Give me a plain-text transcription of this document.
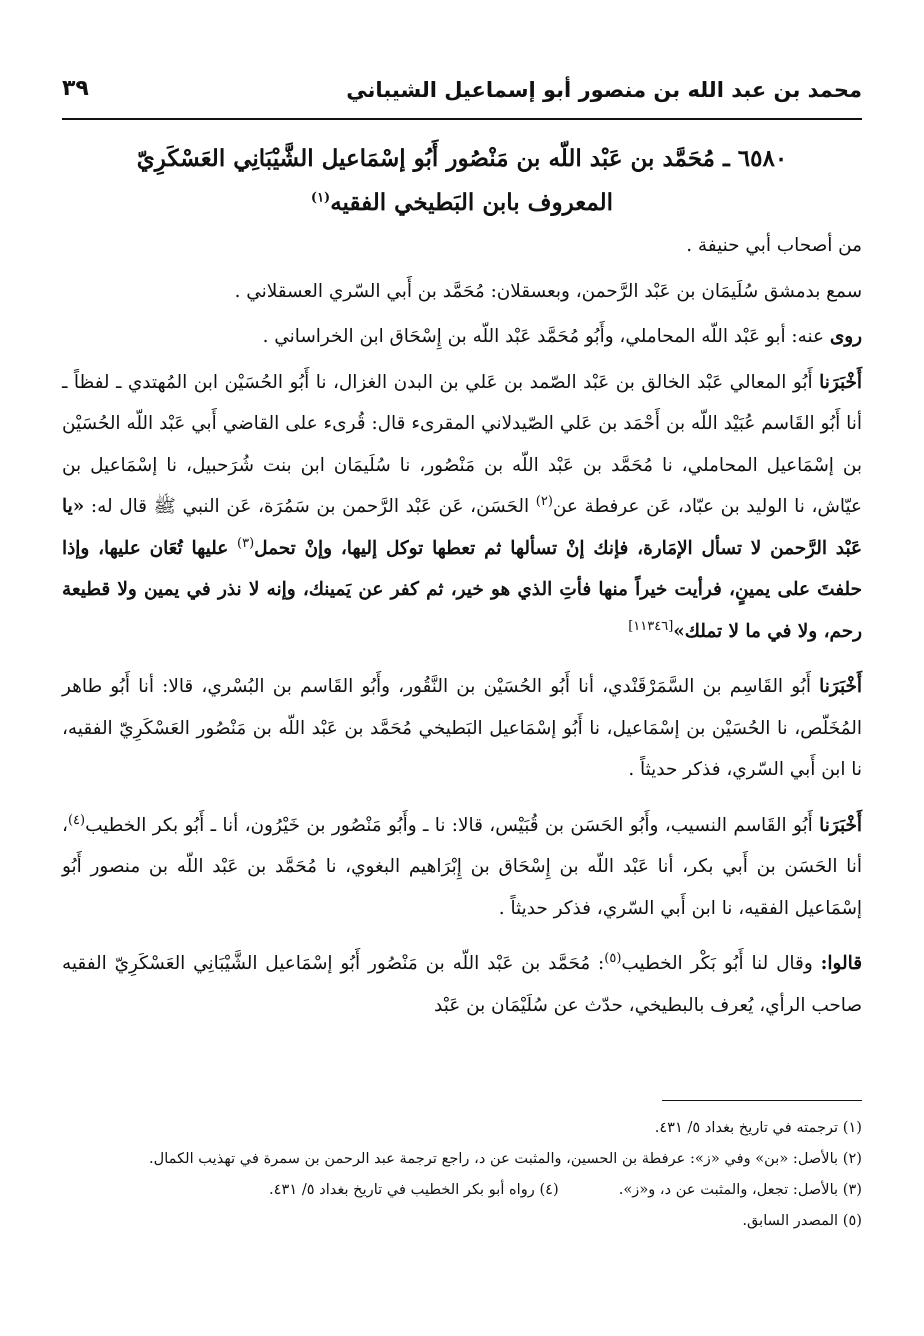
محمد بن عبد الله بن منصور أبو إسماعيل الشيباني
٣٩
٦٥٨٠ ـ مُحَمَّد بن عَبْد اللّه بن مَنْصُور أَبُو إسْمَاعيل الشَّيْبَانِي العَسْكَرِيّ
المعروف بابن البَطيخي الفقيه$^{(١)}$

من أصحاب أبي حنيفة .

سمع بدمشق سُلَيمَان بن عَبْد الرَّحمن، وبعسقلان: مُحَمَّد بن أَبي السّري العسقلاني .

روى عنه: أبو عَبْد اللّه المحاملي، وأَبُو مُحَمَّد عَبْد اللّه بن إِسْحَاق ابن الخراساني .

أَخْبَرَنا أَبُو المعالي عَبْد الخالق بن عَبْد الصّمد بن عَلي بن البدن الغزال، نا أَبُو الحُسَيْن ابن المُهتدي ـ لفظاً ـ أنا أَبُو القَاسم عُبَيْد اللّه بن أَحْمَد بن عَلي الصّيدلاني المقرىء قال: قُرىء على القاضي أَبي عَبْد اللّه الحُسَيْن بن إسْمَاعيل المحاملي، نا مُحَمَّد بن عَبْد اللّه بن مَنْصُور، نا سُلَيمَان ابن بنت شُرَحبيل، نا إسْمَاعيل بن عيّاش، نا الوليد بن عبّاد، عَن عرفطة عن$^{(٢)}$ الحَسَن، عَن عَبْد الرَّحمن بن سَمُرَة، عَن النبي ﷺ قال له: «يا عَبْد الرَّحمن لا تسأل الإمَارة، فإنك إنْ تسألها ثم تعطها توكل إليها، وإنْ تحمل$^{(٣)}$ عليها تُعَان عليها، وإذا حلفتَ على يمينٍ، فرأيت خيراً منها فأتِ الذي هو خير، ثم كفر عن يَمينك، وإنه لا نذر في يمين ولا قطيعة رحم، ولا في ما لا تملك»[١١٣٤٦]

أَخْبَرَنا أَبُو القَاسِم بن السَّمَرْقَنْدي، أنا أَبُو الحُسَيْن بن النَّقُور، وأَبُو القَاسم بن البُسْري، قالا: أنا أَبُو طاهر المُخَلّص، نا الحُسَيْن بن إسْمَاعيل، نا أَبُو إسْمَاعيل البَطيخي مُحَمَّد بن عَبْد اللّه بن مَنْصُور العَسْكَرِيّ الفقيه، نا ابن أَبي السّري، فذكر حديثاً .

أَخْبَرَنا أَبُو القَاسم النسيب، وأَبُو الحَسَن بن قُبَيْس، قالا: نا ـ وأَبُو مَنْصُور بن خَيْرُون، أنا ـ أَبُو بكر الخطيب$^{(٤)}$، أنا الحَسَن بن أَبي بكر، أنا عَبْد اللّه بن إِسْحَاق بن إِبْرَاهيم البغوي، نا مُحَمَّد بن عَبْد اللّه بن منصور أَبُو إسْمَاعيل الفقيه، نا ابن أَبي السّري، فذكر حديثاً .

قالوا: وقال لنا أَبُو بَكْر الخطيب$^{(٥)}$: مُحَمَّد بن عَبْد اللّه بن مَنْصُور أَبُو إسْمَاعيل الشَّيْبَانِي العَسْكَرِيّ الفقيه صاحب الرأي، يُعرف بالبطيخي، حدّث عن سُلَيْمَان بن عَبْد

(١) ترجمته في تاريخ بغداد ٥/ ٤٣١.

(٢) بالأصل: «بن» وفي «ز»: عرفطة بن الحسين، والمثبت عن د، راجع ترجمة عبد الرحمن بن سمرة في تهذيب الكمال.

(٣) بالأصل: تجعل، والمثبت عن د، و«ز».

(٤) رواه أبو بكر الخطيب في تاريخ بغداد ٥/ ٤٣١.

(٥) المصدر السابق.
